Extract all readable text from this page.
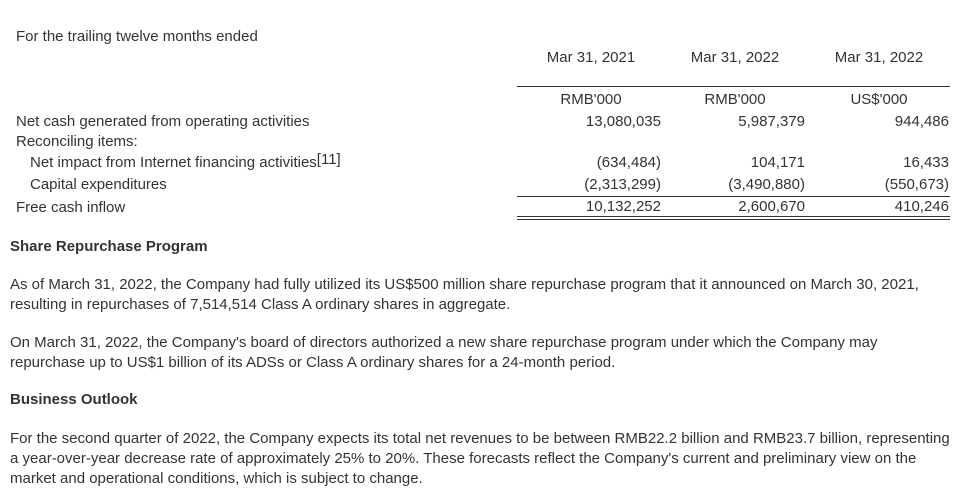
For the trailing twelve months ended
Mar 31, 2021	Mar 31, 2022	Mar 31, 2022
RMB'000	RMB'000	US$'000
Net cash generated from operating activities	13,080,035	5,987,379	944,486
Reconciling items:
Net impact from Internet financing activities[11]	(634,484)	104,171	16,433
Capital expenditures	(2,313,299)	(3,490,880)	(550,673)
Free cash inflow	10,132,252	2,600,670	410,246
Share Repurchase Program
As of March 31, 2022, the Company had fully utilized its US$500 million share repurchase program that it announced on March 30, 2021, resulting in repurchases of 7,514,514 Class A ordinary shares in aggregate.
On March 31, 2022, the Company's board of directors authorized a new share repurchase program under which the Company may repurchase up to US$1 billion of its ADSs or Class A ordinary shares for a 24-month period.
Business Outlook
For the second quarter of 2022, the Company expects its total net revenues to be between RMB22.2 billion and RMB23.7 billion, representing a year-over-year decrease rate of approximately 25% to 20%. These forecasts reflect the Company's current and preliminary view on the market and operational conditions, which is subject to change.
